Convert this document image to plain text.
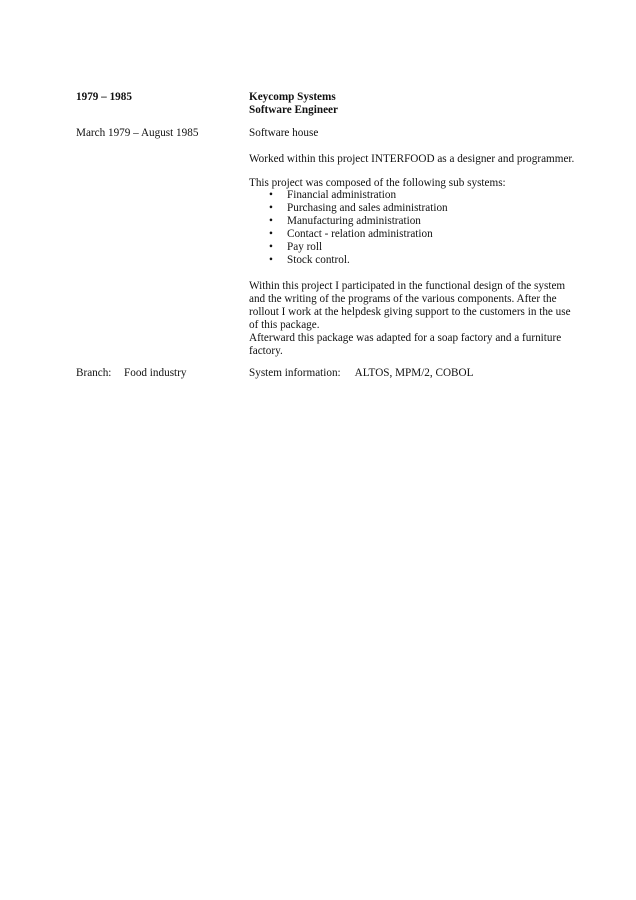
1979 – 1985	Keycomp Systems
Software Engineer
March 1979 – August 1985	Software house
Worked within this project INTERFOOD as a designer and programmer.
This project was composed of the following sub systems:
• Financial administration
• Purchasing and sales administration
• Manufacturing administration
• Contact - relation administration
• Pay roll
• Stock control.
Within this project I participated in the functional design of the system
and the writing of the programs of the various components. After the
rollout I work at the helpdesk giving support to the customers in the use
of this package.
Afterward this package was adapted for a soap factory and a furniture
factory.
Branch: Food industry	System information: ALTOS, MPM/2, COBOL
